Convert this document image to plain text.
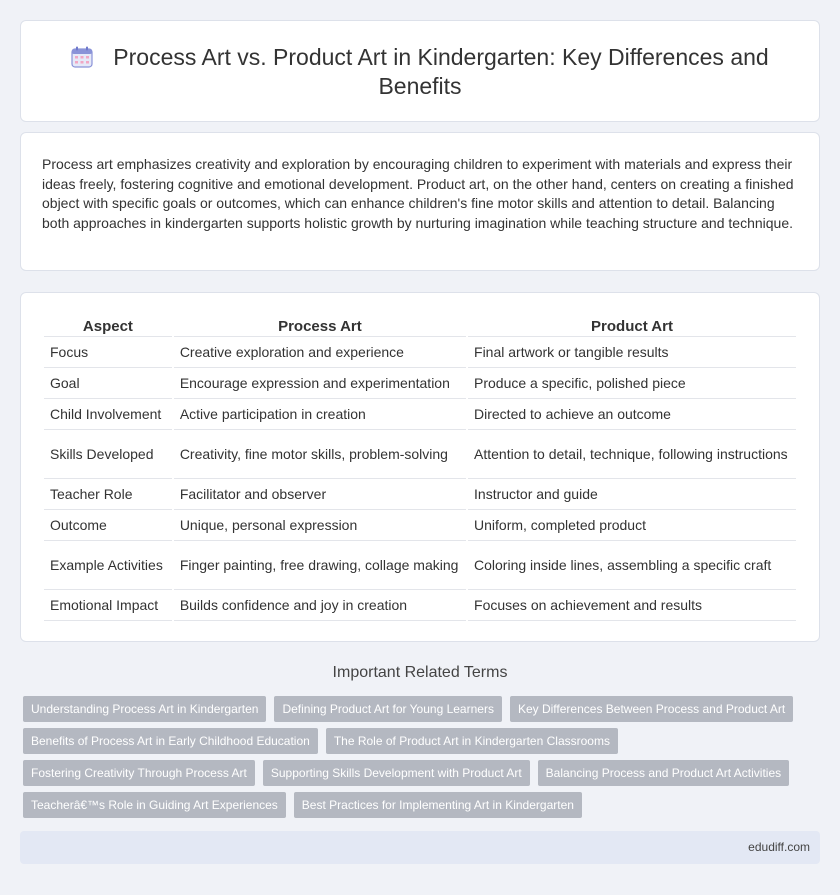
Process Art vs. Product Art in Kindergarten: Key Differences and Benefits

Process art emphasizes creativity and exploration by encouraging children to experiment with materials and express their ideas freely, fostering cognitive and emotional development. Product art, on the other hand, centers on creating a finished object with specific goals or outcomes, which can enhance children's fine motor skills and attention to detail. Balancing both approaches in kindergarten supports holistic growth by nurturing imagination while teaching structure and technique.

Aspect	Process Art	Product Art
Focus	Creative exploration and experience	Final artwork or tangible results
Goal	Encourage expression and experimentation	Produce a specific, polished piece
Child Involvement	Active participation in creation	Directed to achieve an outcome
Skills Developed	Creativity, fine motor skills, problem-solving	Attention to detail, technique, following instructions
Teacher Role	Facilitator and observer	Instructor and guide
Outcome	Unique, personal expression	Uniform, completed product
Example Activities	Finger painting, free drawing, collage making	Coloring inside lines, assembling a specific craft
Emotional Impact	Builds confidence and joy in creation	Focuses on achievement and results
Important Related Terms
Understanding Process Art in Kindergarten	Defining Product Art for Young Learners	Key Differences Between Process and Product Art
Benefits of Process Art in Early Childhood Education	The Role of Product Art in Kindergarten Classrooms
Fostering Creativity Through Process Art	Supporting Skills Development with Product Art	Balancing Process and Product Art Activities
Teacherâ€™s Role in Guiding Art Experiences	Best Practices for Implementing Art in Kindergarten
edudiff.com
